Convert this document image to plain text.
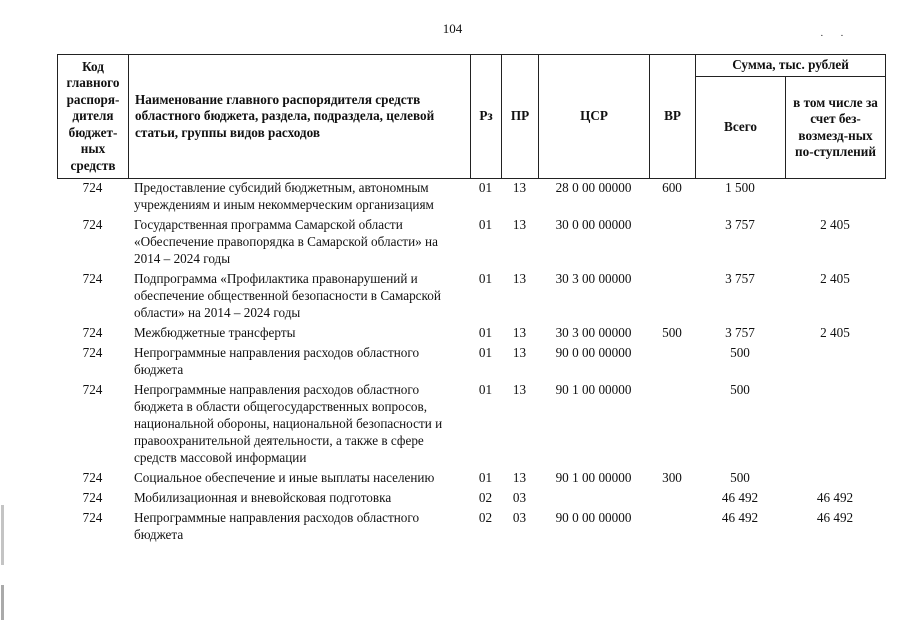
104	·      ·
Код главного распоря-дителя бюджет-ных средств	Наименование главного распорядителя средств областного бюджета, раздела, подраздела, целевой статьи, группы видов расходов	Рз	ПР	ЦСР	ВР	Сумма, тыс. рублей	
						Всего	в том числе за счет без-возмезд-ных по-ступлений
724	Предоставление субсидий бюджетным, автономным учреждениям и иным некоммерческим организациям	01	13	28 0 00 00000	600	1 500	
724	Государственная программа Самарской области «Обеспечение правопорядка в Самарской области» на 2014 – 2024 годы	01	13	30 0 00 00000		3 757	2 405
724	Подпрограмма «Профилактика правонарушений и обеспечение общественной безопасности в Самарской области» на 2014 – 2024 годы	01	13	30 3 00 00000		3 757	2 405
724	Межбюджетные трансферты	01	13	30 3 00 00000	500	3 757	2 405
724	Непрограммные направления расходов областного бюджета	01	13	90 0 00 00000		500	
724	Непрограммные направления расходов областного бюджета в области общегосударственных вопросов, национальной обороны, национальной безопасности и правоохранительной деятельности, а также в сфере средств массовой информации	01	13	90 1 00 00000		500	
724	Социальное обеспечение и иные выплаты населению	01	13	90 1 00 00000	300	500	
724	Мобилизационная и вневойсковая подготовка	02	03			46 492	46 492
724	Непрограммные направления расходов областного бюджета	02	03	90 0 00 00000		46 492	46 492
